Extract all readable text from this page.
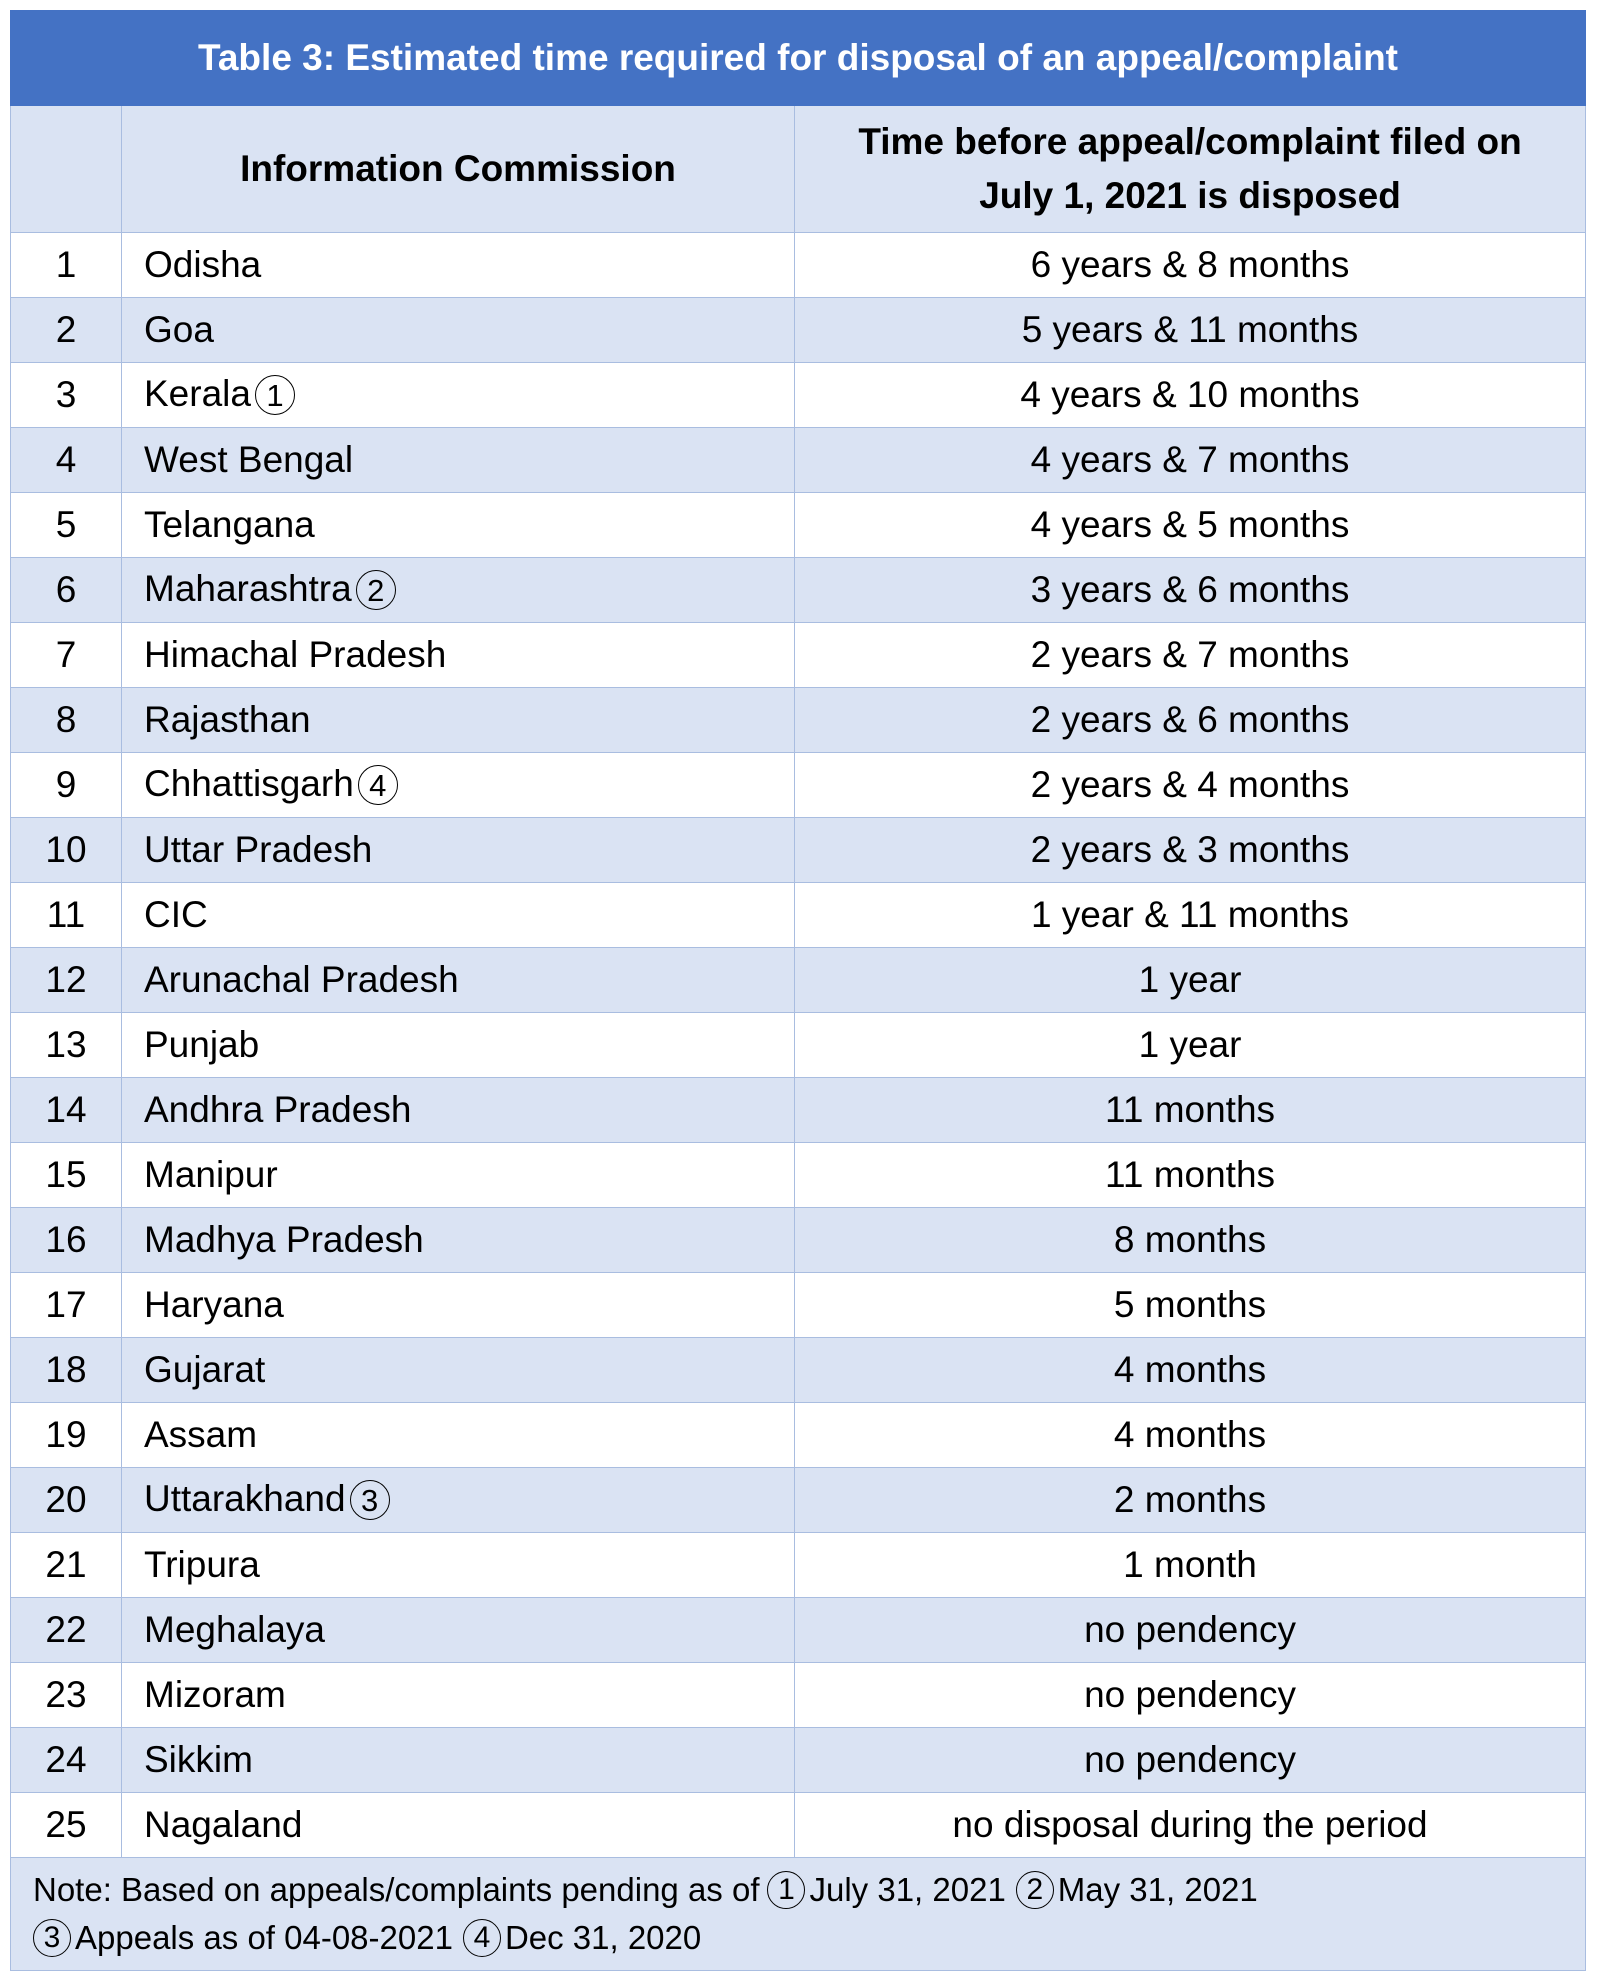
Table 3: Estimated time required for disposal of an appeal/complaint		
	Information Commission	Time before appeal/complaint filed on
July 1, 2021 is disposed
1	Odisha	6 years & 8 months
2	Goa	5 years & 11 months
3	Kerala 1	4 years & 10 months
4	West Bengal	4 years & 7 months
5	Telangana	4 years & 5 months
6	Maharashtra 2	3 years & 6 months
7	Himachal Pradesh	2 years & 7 months
8	Rajasthan	2 years & 6 months
9	Chhattisgarh 4	2 years & 4 months
10	Uttar Pradesh	2 years & 3 months
11	CIC	1 year & 11 months
12	Arunachal Pradesh	1 year
13	Punjab	1 year
14	Andhra Pradesh	11 months
15	Manipur	11 months
16	Madhya Pradesh	8 months
17	Haryana	5 months
18	Gujarat	4 months
19	Assam	4 months
20	Uttarakhand 3	2 months
21	Tripura	1 month
22	Meghalaya	no pendency
23	Mizoram	no pendency
24	Sikkim	no pendency
25	Nagaland	no disposal during the period
Note: Based on appeals/complaints pending as of 1 July 31, 2021 2 May 31, 2021
3 Appeals as of 04-08-2021 4 Dec 31, 2020		
